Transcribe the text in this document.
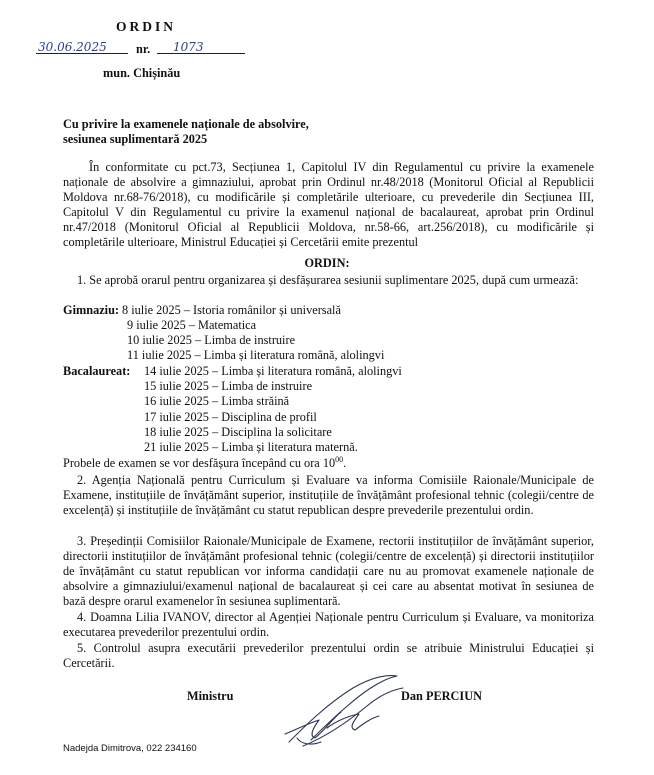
ORDIN
30.06.2025 nr. 1073
mun. Chișinău
Cu privire la examenele naționale de absolvire,
sesiunea suplimentară 2025
În conformitate cu pct.73, Secțiunea 1, Capitolul IV din Regulamentul cu privire la examenele naționale de absolvire a gimnaziului, aprobat prin Ordinul nr.48/2018 (Monitorul Oficial al Republicii Moldova nr.68-76/2018), cu modificările și completările ulterioare, cu prevederile din Secțiunea III, Capitolul V din Regulamentul cu privire la examenul național de bacalaureat, aprobat prin Ordinul nr.47/2018 (Monitorul Oficial al Republicii Moldova, nr.58-66, art.256/2018), cu modificările și completările ulterioare, Ministrul Educației și Cercetării emite prezentul
ORDIN:
1. Se aprobă orarul pentru organizarea și desfășurarea sesiunii suplimentare 2025, după cum urmează:
Gimnaziu: 8 iulie 2025 – Istoria românilor și universală
9 iulie 2025 – Matematica
10 iulie 2025 – Limba de instruire
11 iulie 2025 – Limba și literatura română, alolingvi
Bacalaureat: 14 iulie 2025 – Limba și literatura română, alolingvi
15 iulie 2025 – Limba de instruire
16 iulie 2025 – Limba străină
17 iulie 2025 – Disciplina de profil
18 iulie 2025 – Disciplina la solicitare
21 iulie 2025 – Limba și literatura maternă.
Probele de examen se vor desfășura începând cu ora $10^{00}$.
2. Agenția Națională pentru Curriculum și Evaluare va informa Comisiile Raionale/Municipale de Examene, instituțiile de învățământ superior, instituțiile de învățământ profesional tehnic (colegii/centre de excelență) și instituțiile de învățământ cu statut republican despre prevederile prezentului ordin.
3. Președinții Comisiilor Raionale/Municipale de Examene, rectorii instituțiilor de învățământ superior, directorii instituțiilor de învățământ profesional tehnic (colegii/centre de excelență) și directorii instituțiilor de învățământ cu statut republican vor informa candidații care nu au promovat examenele naționale de absolvire a gimnaziului/examenul național de bacalaureat și cei care au absentat motivat în sesiunea de bază despre orarul examenelor în sesiunea suplimentară.
4. Doamna Lilia IVANOV, director al Agenției Naționale pentru Curriculum și Evaluare, va monitoriza executarea prevederilor prezentului ordin.
5. Controlul asupra executării prevederilor prezentului ordin se atribuie Ministrului Educației și Cercetării.
Ministru	Dan PERCIUN
Nadejda Dimitrova, 022 234160
